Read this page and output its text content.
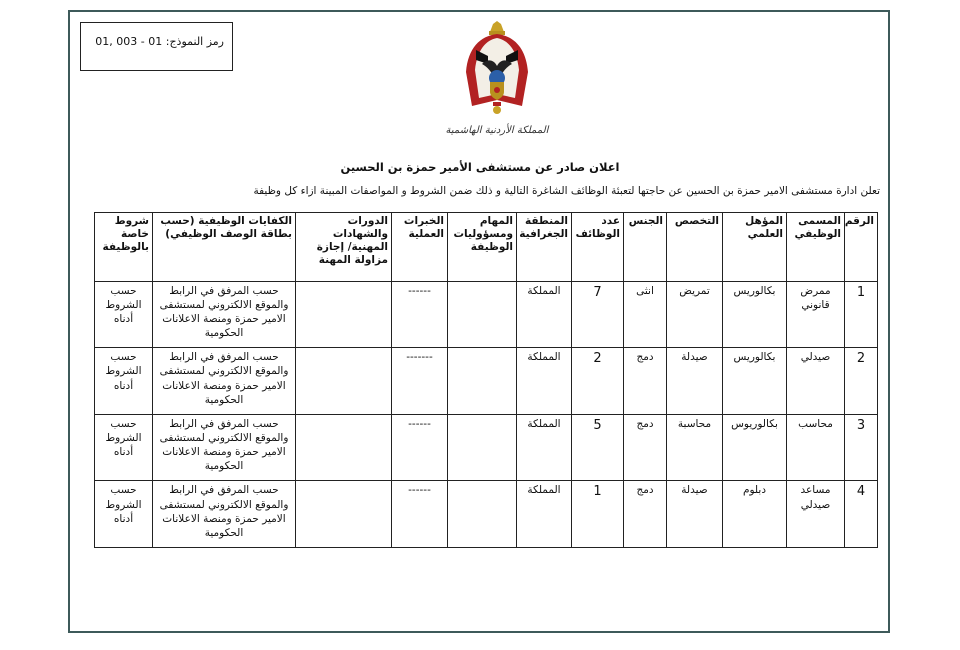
رمز النموذج: 01, 003 - 01
المملكة الأردنية الهاشمية
اعلان صادر عن مستشفى الأمير حمزة بن الحسين
تعلن ادارة مستشفى الامير حمزة بن الحسين عن حاجتها لتعبئة الوظائف الشاغرة التالية و ذلك ضمن الشروط و المواصفات المبينة ازاء كل وظيفة
الرقم	المسمى الوظيفي	المؤهل العلمي	التخصص	الجنس	عدد الوظائف	المنطقة الجغرافية	المهام ومسؤوليات الوظيفة	الخبرات العملية	الدورات والشهادات المهنية/ إجازة مزاولة المهنة	الكفايات الوظيفية (حسب بطاقة الوصف الوظيفي)	شروط خاصة بالوظيفة
1	ممرض قانوني	بكالوريس	تمريض	انثى	7	المملكة		------		حسب المرفق في الرابط والموقع الالكتروني لمستشفى الامير حمزة ومنصة الاعلانات الحكومية	حسب الشروط أدناه
2	صيدلي	بكالوريس	صيدلة	دمج	2	المملكة		-------		حسب المرفق في الرابط والموقع الالكتروني لمستشفى الامير حمزة ومنصة الاعلانات الحكومية	حسب الشروط أدناه
3	محاسب	بكالوريوس	محاسبة	دمج	5	المملكة		------		حسب المرفق في الرابط والموقع الالكتروني لمستشفى الامير حمزة ومنصة الاعلانات الحكومية	حسب الشروط أدناه
4	مساعد صيدلي	دبلوم	صيدلة	دمج	1	المملكة		------		حسب المرفق في الرابط والموقع الالكتروني لمستشفى الامير حمزة ومنصة الاعلانات الحكومية	حسب الشروط أدناه
